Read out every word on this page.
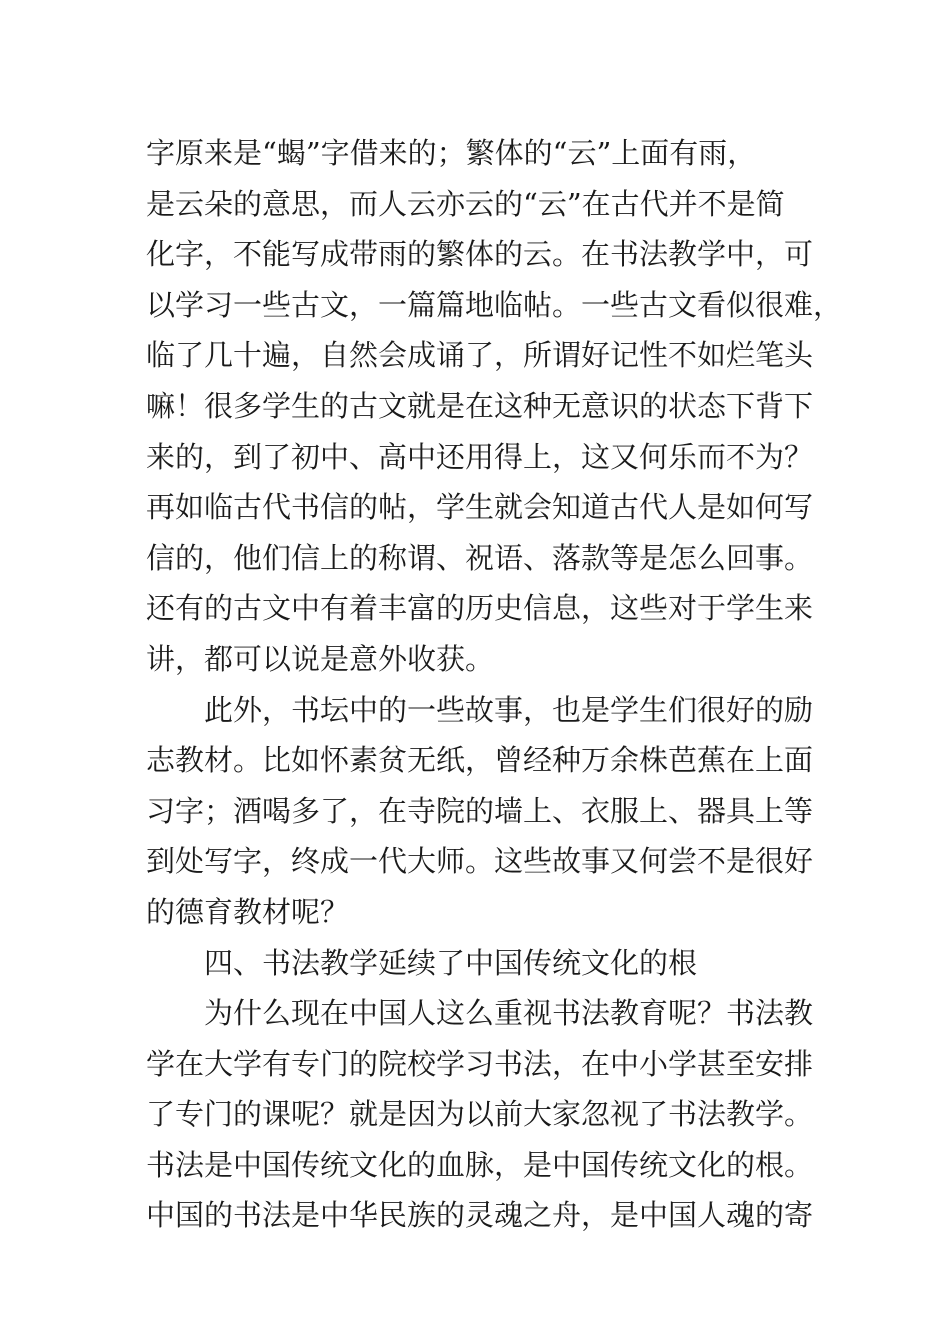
字原来是“蝎”字借来的；繁体的“云”上面有雨，
是云朵的意思，而人云亦云的“云”在古代并不是简
化字，不能写成带雨的繁体的云。在书法教学中，可
以学习一些古文，一篇篇地临帖。一些古文看似很难，
临了几十遍，自然会成诵了，所谓好记性不如烂笔头
嘛！很多学生的古文就是在这种无意识的状态下背下
来的，到了初中、高中还用得上，这又何乐而不为？
再如临古代书信的帖，学生就会知道古代人是如何写
信的，他们信上的称谓、祝语、落款等是怎么回事。
还有的古文中有着丰富的历史信息，这些对于学生来
讲，都可以说是意外收获。
此外，书坛中的一些故事，也是学生们很好的励
志教材。比如怀素贫无纸，曾经种万余株芭蕉在上面
习字；酒喝多了，在寺院的墙上、衣服上、器具上等
到处写字，终成一代大师。这些故事又何尝不是很好
的德育教材呢？
四、书法教学延续了中国传统文化的根
为什么现在中国人这么重视书法教育呢？书法教
学在大学有专门的院校学习书法，在中小学甚至安排
了专门的课呢？就是因为以前大家忽视了书法教学。
书法是中国传统文化的血脉，是中国传统文化的根。
中国的书法是中华民族的灵魂之舟，是中国人魂的寄
